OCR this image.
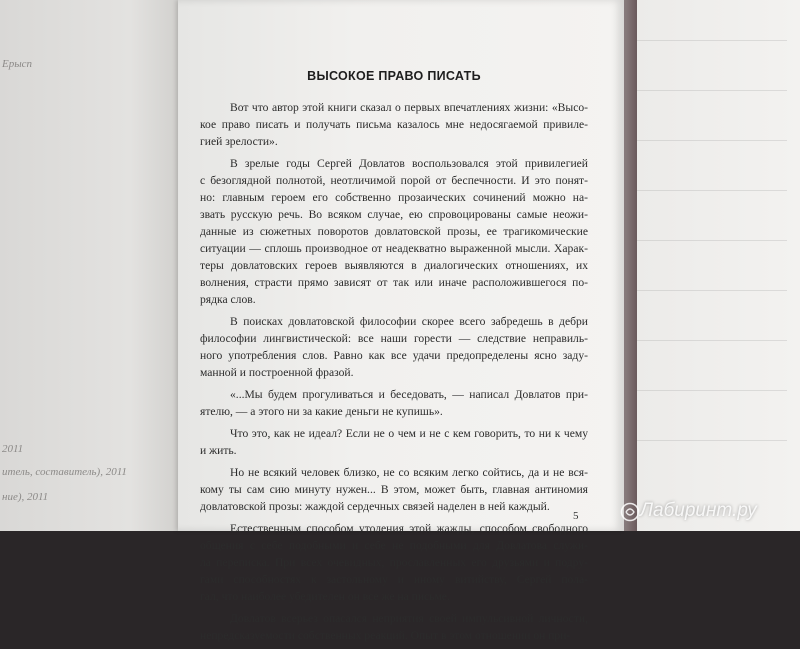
Ерыcn
2011
итель, составитель), 2011
ние), 2011
ВЫСОКОЕ ПРАВО ПИСАТЬ
Вот что автор этой книги сказал о первых впечатлениях жизни: «Высо-
кое право писать и получать письма казалось мне недосягаемой привиле-
гией зрелости».
В зрелые годы Сергей Довлатов воспользовался этой привилегией
с безоглядной полнотой, неотличимой порой от беспечности. И это понят-
но: главным героем его собственно прозаических сочинений можно на-
звать русскую речь. Во всяком случае, ею спровоцированы самые неожи-
данные из сюжетных поворотов довлатовской прозы, ее трагикомические
ситуации — сплошь производное от неадекватно выраженной мысли. Харак-
теры довлатовских героев выявляются в диалогических отношениях, их
волнения, страсти прямо зависят от так или иначе расположившегося по-
рядка слов.
В поисках довлатовской философии скорее всего забредешь в дебри
философии лингвистической: все наши горести — следствие неправиль-
ного употребления слов. Равно как все удачи предопределены ясно заду-
манной и построенной фразой.
«...Мы будем прогуливаться и беседовать, — написал Довлатов при-
ятелю, — а этого ни за какие деньги не купишь».
Что это, как не идеал? Если не о чем и не с кем говорить, то ни к чему
и жить.
Но не всякий человек близко, не со всяким легко сойтись, да и не вся-
кому ты сам сию минуту нужен... В этом, может быть, главная антиномия
довлатовской прозы: жаждой сердечных связей наделен в ней каждый.
Естественным способом утоления этой жажды, способом свободного
общения с себе подобными и себе не подобными для Довлатова служи-
ла переписка. При всех очевидных, прославленных его друзьями и подру-
гами способностях к застольному и иному витийству, Сергей пола-
гал, что наиболее убедителен он все же на письме.
Довлатов всерьез опасался неприятия своей импульсивной личности,
непредсказуемости собственных реакций. Опыт в этом отношении он при-
5	Лабиринт.ру
